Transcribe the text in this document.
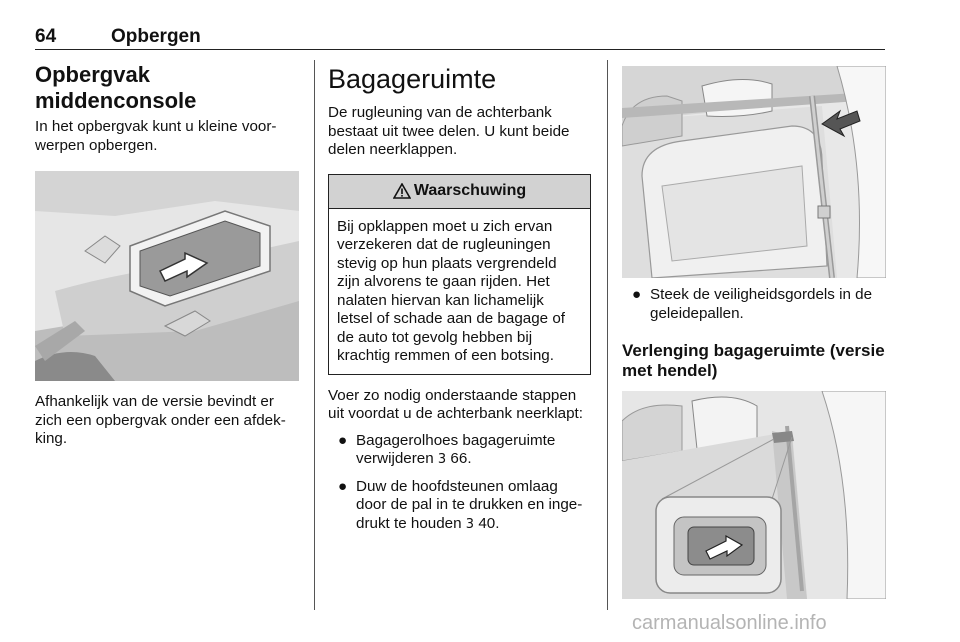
64	Opbergen
Opbergvak middenconsole

In het opbergvak kunt u kleine voor-
werpen opbergen.

Afhankelijk van de versie bevindt er
zich een opbergvak onder een afdek-
king.

Bagageruimte

De rugleuning van de achterbank
bestaat uit twee delen. U kunt beide
delen neerklappen.

Waarschuwing
Bij opklappen moet u zich ervan
verzekeren dat de rugleuningen
stevig op hun plaats vergrendeld
zijn alvorens te gaan rijden. Het
nalaten hiervan kan lichamelijk
letsel of schade aan de bagage of
de auto tot gevolg hebben bij
krachtig remmen of een botsing.

Voer zo nodig onderstaande stappen
uit voordat u de achterbank neerklapt:

● Bagagerolhoes bagageruimte
verwijderen 3 66.
● Duw de hoofdsteunen omlaag
door de pal in te drukken en inge-
drukt te houden 3 40.
● Steek de veiligheidsgordels in de
geleidepallen.
Verlenging bagageruimte (versie
met hendel)
carmanualsonline.info
